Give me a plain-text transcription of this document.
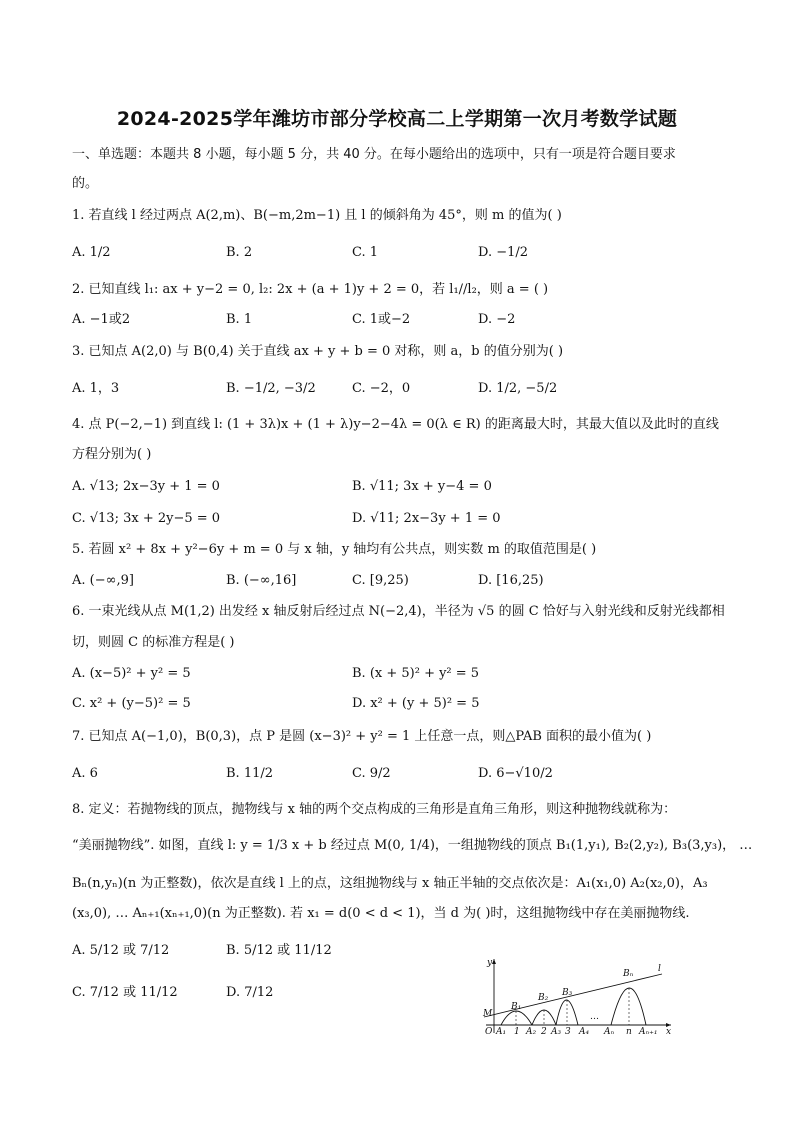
2024-2025学年潍坊市部分学校高二上学期第一次月考数学试题
一、单选题：本题共 8 小题，每小题 5 分，共 40 分。在每小题给出的选项中，只有一项是符合题目要求
的。
1. 若直线 l 经过两点 A(2,m)、B(−m,2m−1) 且 l 的倾斜角为 45°，则 m 的值为( )
A. 1/2	B. 2	C. 1	D. −1/2
2. 已知直线 l₁: ax + y−2 = 0, l₂: 2x + (a + 1)y + 2 = 0，若 l₁//l₂，则 a = ( )
A. −1或2	B. 1	C. 1或−2	D. −2
3. 已知点 A(2,0) 与 B(0,4) 关于直线 ax + y + b = 0 对称，则 a，b 的值分别为( )
A. 1，3	B. −1/2, −3/2	C. −2，0	D. 1/2, −5/2
4. 点 P(−2,−1) 到直线 l: (1 + 3λ)x + (1 + λ)y−2−4λ = 0(λ ∈ R) 的距离最大时，其最大值以及此时的直线
方程分别为( )
A. √13; 2x−3y + 1 = 0	B. √11; 3x + y−4 = 0
C. √13; 3x + 2y−5 = 0	D. √11; 2x−3y + 1 = 0
5. 若圆 x² + 8x + y²−6y + m = 0 与 x 轴，y 轴均有公共点，则实数 m 的取值范围是( )
A. (−∞,9]	B. (−∞,16]	C. [9,25)	D. [16,25)
6. 一束光线从点 M(1,2) 出发经 x 轴反射后经过点 N(−2,4)，半径为 √5 的圆 C 恰好与入射光线和反射光线都相
切，则圆 C 的标准方程是( )
A. (x−5)² + y² = 5	B. (x + 5)² + y² = 5
C. x² + (y−5)² = 5	D. x² + (y + 5)² = 5
7. 已知点 A(−1,0)，B(0,3)，点 P 是圆 (x−3)² + y² = 1 上任意一点，则△PAB 面积的最小值为( )
A. 6	B. 11/2	C. 9/2	D. 6−√10/2
8. 定义：若抛物线的顶点，抛物线与 x 轴的两个交点构成的三角形是直角三角形，则这种抛物线就称为：
“美丽抛物线”. 如图，直线 l: y = 1/3 x + b 经过点 M(0, 1/4)，一组抛物线的顶点 B₁(1,y₁), B₂(2,y₂), B₃(3,y₃)， …
Bₙ(n,yₙ)(n 为正整数)，依次是直线 l 上的点，这组抛物线与 x 轴正半轴的交点依次是：A₁(x₁,0) A₂(x₂,0)，A₃
(x₃,0), … Aₙ₊₁(xₙ₊₁,0)(n 为正整数). 若 x₁ = d(0 < d < 1)，当 d 为( )时，这组抛物线中存在美丽抛物线.
A. 5/12 或 7/12	B. 5/12 或 11/12
C. 7/12 或 11/12	D. 7/12
y
x
O
M
l
B₁
B₂ B₃
Bₙ
…
A₁ 1 A₂ 2 A₃ 3 A₄ Aₙ n Aₙ₊₁
